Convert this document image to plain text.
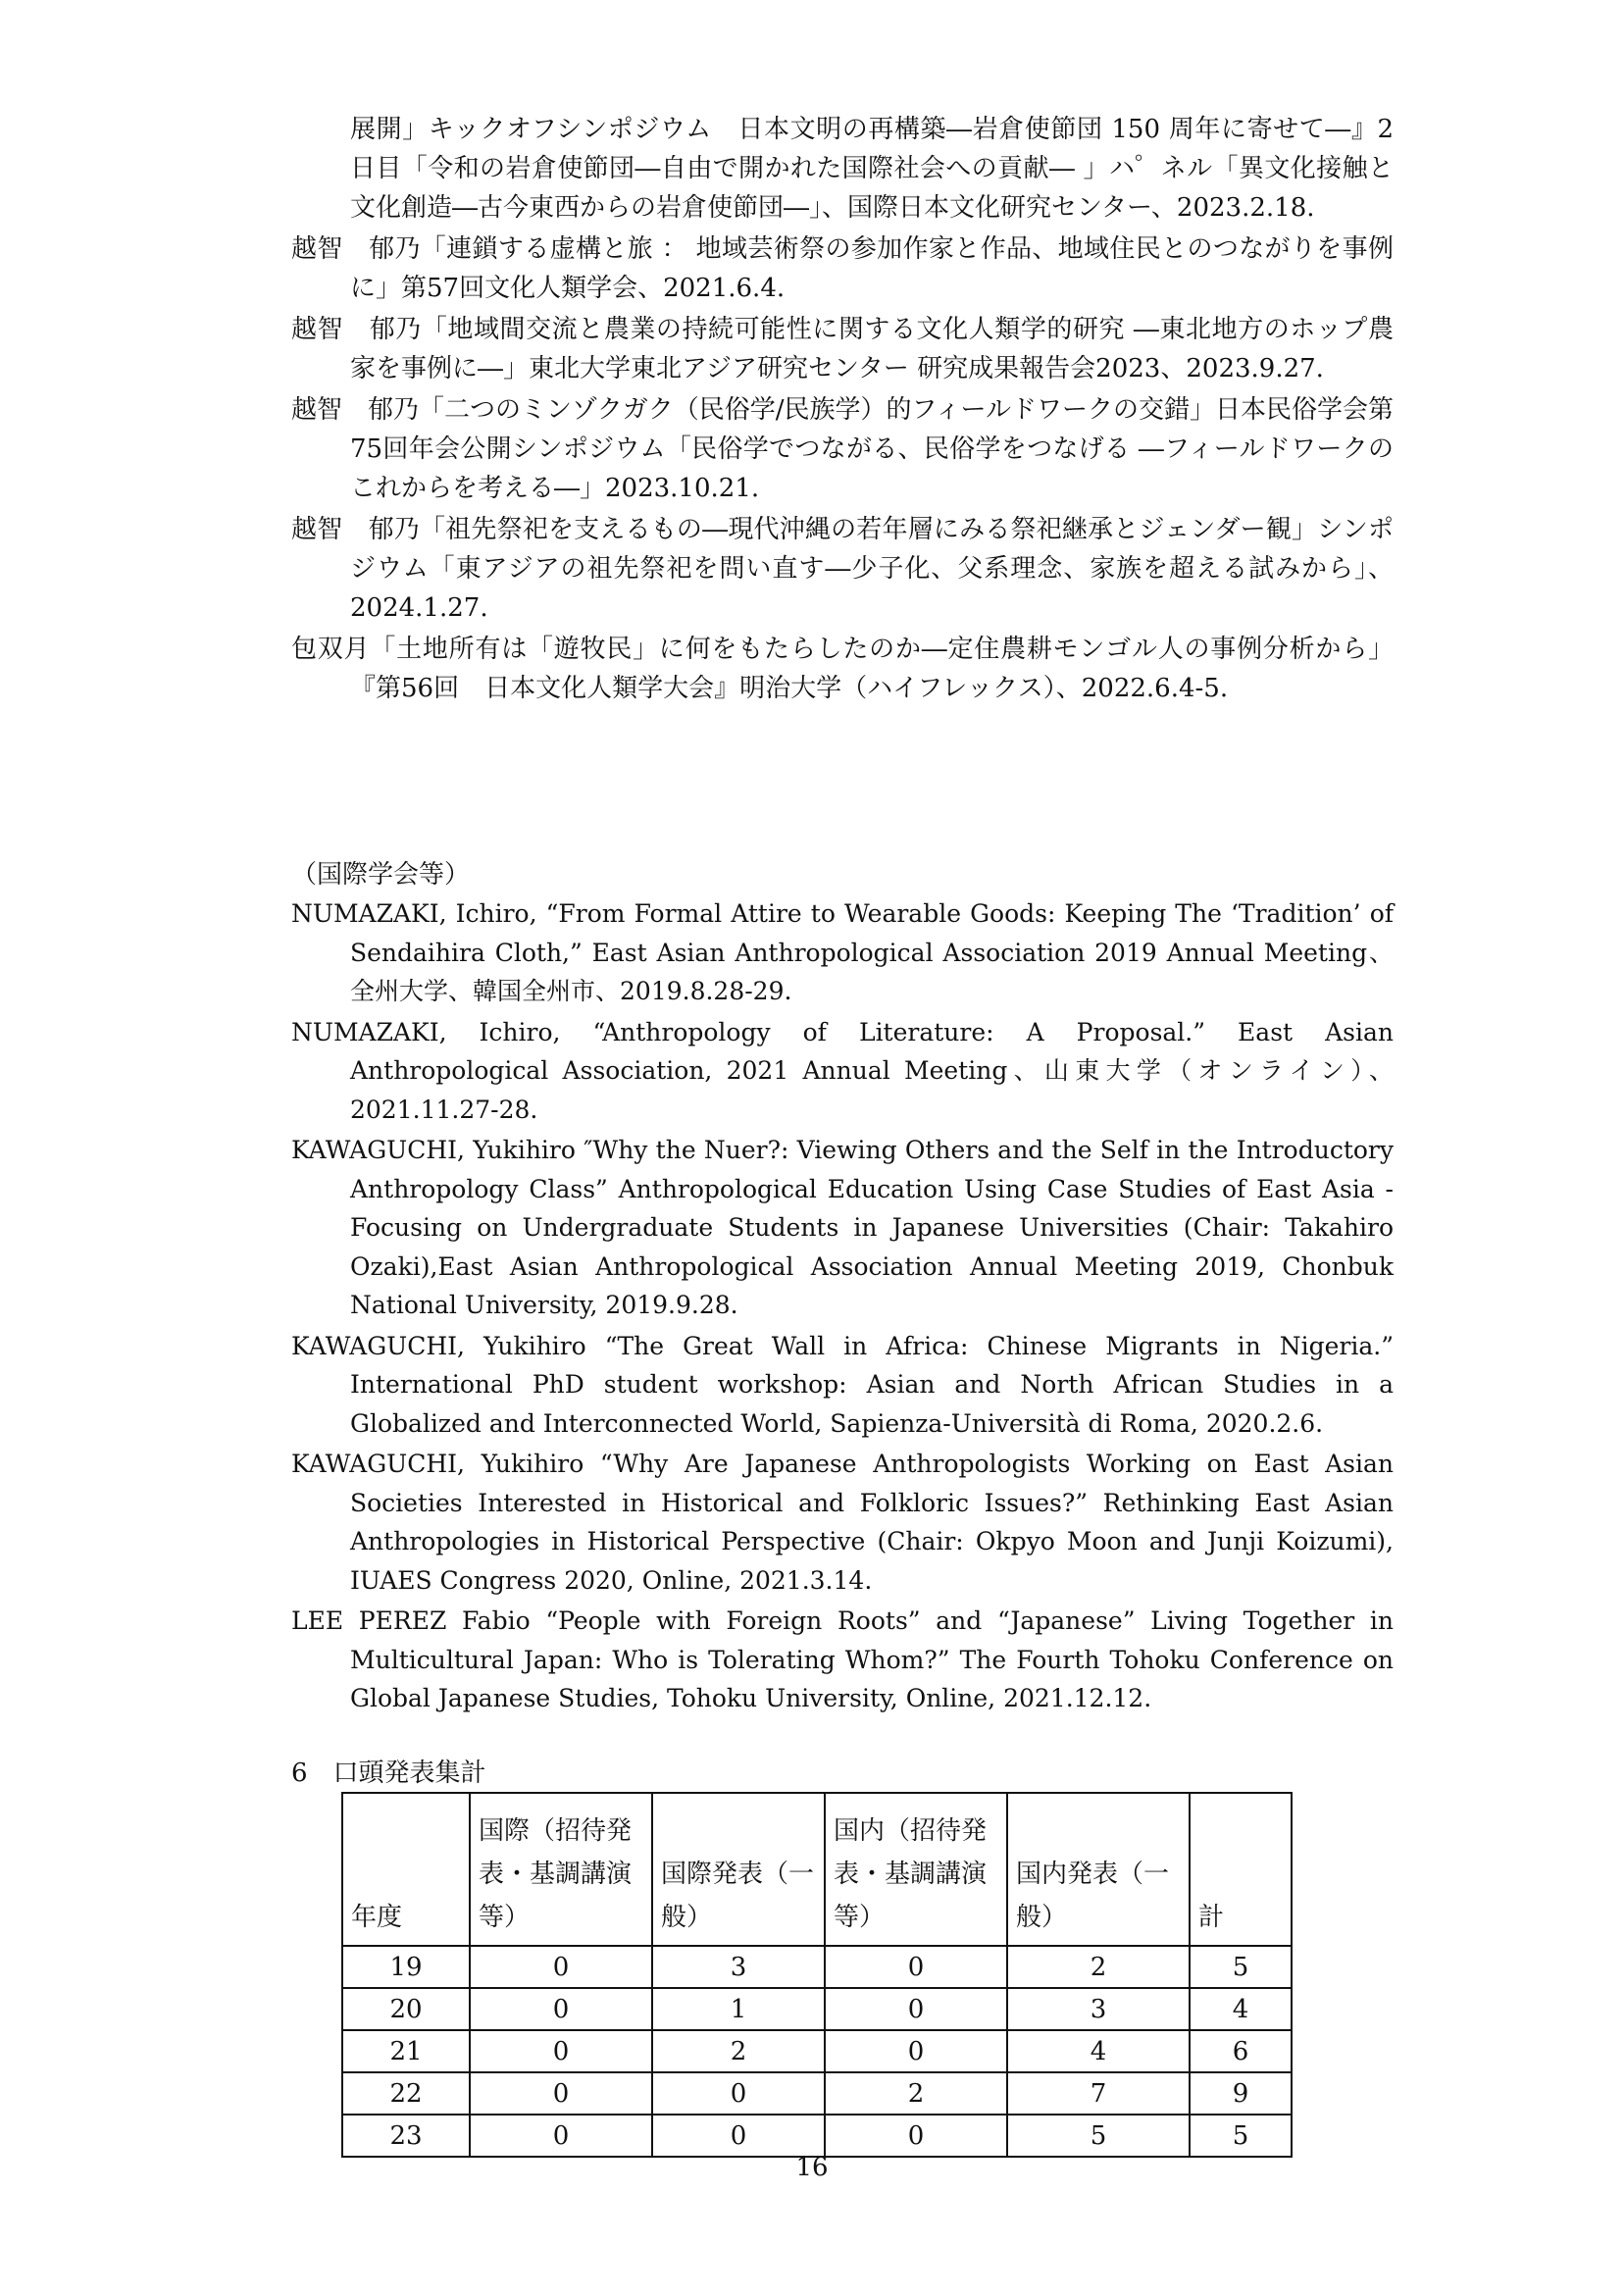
展開」キックオフシンポジウム　日本文明の再構築―岩倉使節団 150 周年に寄せて―』2日目「令和の岩倉使節団―自由で開かれた国際社会への貢献― 」ハ゜ネル「異文化接触と文化創造―古今東西からの岩倉使節団―」、国際日本文化研究センター、2023.2.18.

越智　郁乃「連鎖する虚構と旅 ： 地域芸術祭の参加作家と作品、地域住民とのつながりを事例に」第57回文化人類学会、2021.6.4.

越智　郁乃「地域間交流と農業の持続可能性に関する文化人類学的研究 ―東北地方のホップ農家を事例に―」東北大学東北アジア研究センター 研究成果報告会2023、2023.9.27.

越智　郁乃「二つのミンゾクガク（民俗学/民族学）的フィールドワークの交錯」日本民俗学会第75回年会公開シンポジウム「民俗学でつながる、民俗学をつなげる ―フィールドワークのこれからを考える―」2023.10.21.

越智　郁乃「祖先祭祀を支えるもの―現代沖縄の若年層にみる祭祀継承とジェンダー観」シンポジウム「東アジアの祖先祭祀を問い直す―少子化、父系理念、家族を超える試みから」、2024.1.27.

包双月「土地所有は「遊牧民」に何をもたらしたのか―定住農耕モンゴル人の事例分析から」『第56回　日本文化人類学大会』明治大学（ハイフレックス）、2022.6.4-5.

（国際学会等）

NUMAZAKI, Ichiro, “From Formal Attire to Wearable Goods: Keeping The ‘Tradition’ of Sendaihira Cloth,” East Asian Anthropological Association 2019 Annual Meeting、全州大学、韓国全州市、2019.8.28-29.

NUMAZAKI, Ichiro, “Anthropology of Literature: A Proposal.” East Asian Anthropological Association, 2021 Annual Meeting、山東大学（オンライン）、2021.11.27-28.

KAWAGUCHI, Yukihiro ″Why the Nuer?: Viewing Others and the Self in the Introductory Anthropology Class” Anthropological Education Using Case Studies of East Asia -Focusing on Undergraduate Students in Japanese Universities (Chair: Takahiro Ozaki),East Asian Anthropological Association Annual Meeting 2019, Chonbuk National University, 2019.9.28.

KAWAGUCHI, Yukihiro “The Great Wall in Africa: Chinese Migrants in Nigeria.” International PhD student workshop: Asian and North African Studies in a Globalized and Interconnected World, Sapienza-Università di Roma, 2020.2.6.

KAWAGUCHI, Yukihiro “Why Are Japanese Anthropologists Working on East Asian Societies Interested in Historical and Folkloric Issues?” Rethinking East Asian Anthropologies in Historical Perspective (Chair: Okpyo Moon and Junji Koizumi), IUAES Congress 2020, Online, 2021.3.14.

LEE PEREZ Fabio “People with Foreign Roots” and “Japanese” Living Together in Multicultural Japan: Who is Tolerating Whom?” The Fourth Tohoku Conference on Global Japanese Studies, Tohoku University, Online, 2021.12.12.

6　口頭発表集計
年度	国際（招待発表・基調講演等）	国際発表（一般）	国内（招待発表・基調講演等）	国内発表（一般）	計
19	0	3	0	2	5
20	0	1	0	3	4
21	0	2	0	4	6
22	0	0	2	7	9
23	0	0	0	5	5
16
